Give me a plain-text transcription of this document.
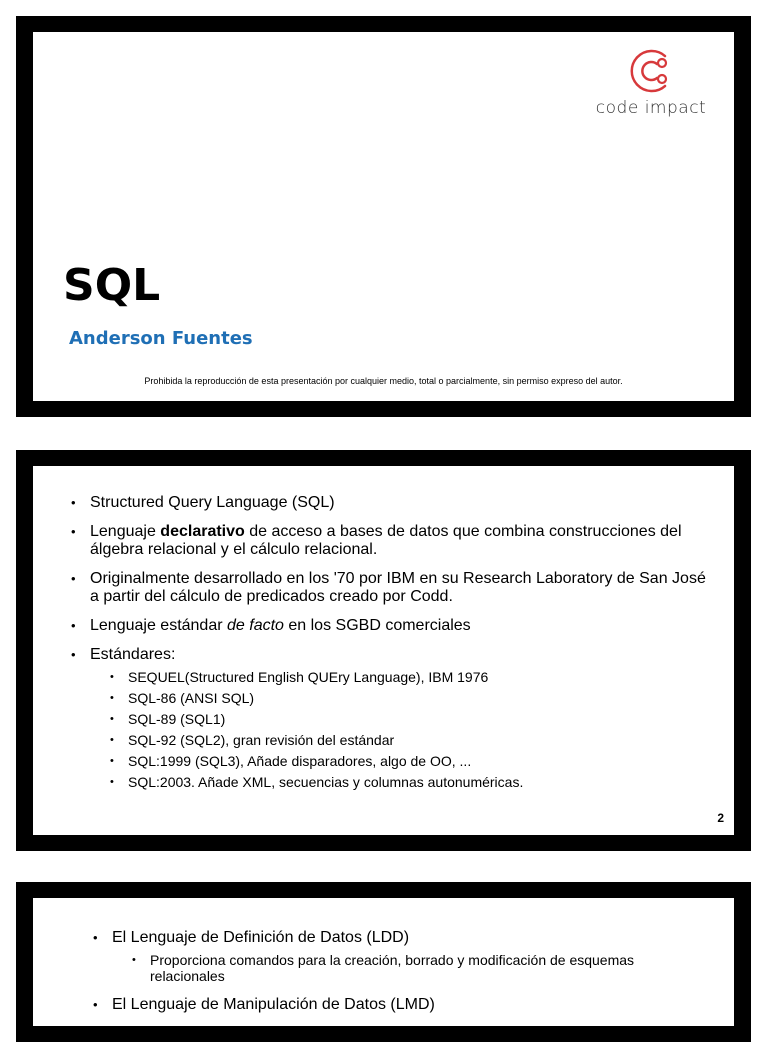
code impact
SQL
Anderson Fuentes
Prohibida la reproducción de esta presentación por cualquier medio, total o parcialmente, sin permiso expreso del autor.
• Structured Query Language (SQL)
• Lenguaje declarativo de acceso a bases de datos que combina construcciones del álgebra relacional y el cálculo relacional.
• Originalmente desarrollado en los '70 por IBM en su Research Laboratory de San José a partir del cálculo de predicados creado por Codd.
• Lenguaje estándar de facto en los SGBD comerciales
• Estándares:
• SEQUEL(Structured English QUEry Language), IBM 1976
• SQL-86 (ANSI SQL)
• SQL-89 (SQL1)
• SQL-92 (SQL2), gran revisión del estándar
• SQL:1999 (SQL3), Añade disparadores, algo de OO, ...
• SQL:2003. Añade XML, secuencias y columnas autonuméricas.
2
• El Lenguaje de Definición de Datos (LDD)
• Proporciona comandos para la creación, borrado y modificación de esquemas relacionales
• El Lenguaje de Manipulación de Datos (LMD)
